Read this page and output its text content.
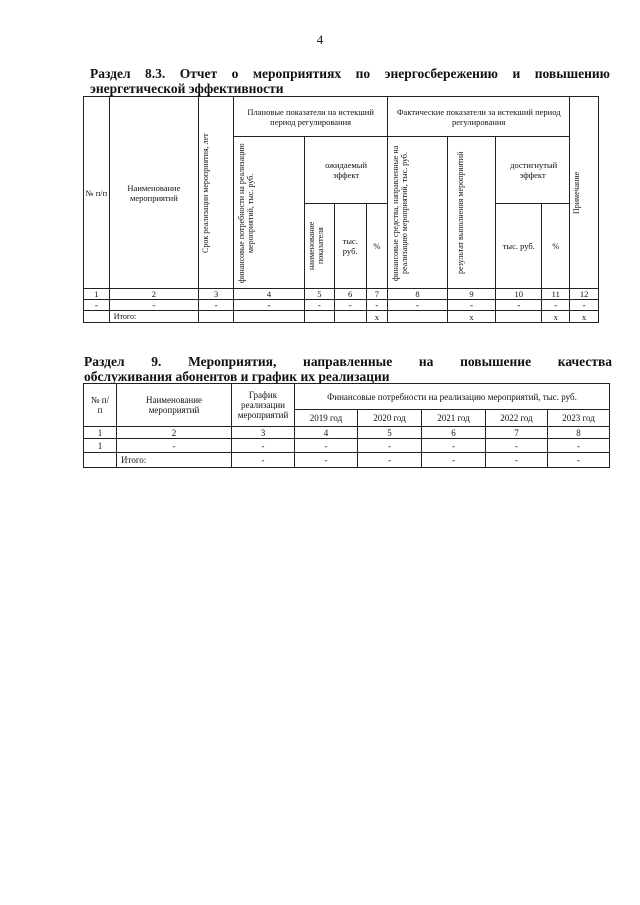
4
Раздел 8.3. Отчет о мероприятиях по энергосбережению и повышению
энергетической эффективности
№ п/п	Наименование мероприятий	Срок реализации мероприятия, лет	Плановые показатели на истекший период регулирования				Фактические показатели за истекший период регулирования				Примечание

			финансовые потребности на реализацию мероприятий, тыс. руб.	ожидаемый эффект			финансовые средства, направленные на реализацию мероприятий, тыс. руб.	результат выполнения мероприятий	достигнутый эффект		

				наименование показателя	тыс. руб.	%			тыс. руб.	%	
1	2	3	4	5	6	7	8	9	10	11	12
-	-	-	-	-	-	-	-	-	-	-	-
	Итого:					x		x		x	x
Раздел 9. Мероприятия, направленные на повышение качества
обслуживания абонентов и график их реализации
№ п/п	Наименование мероприятий	График реализации мероприятий	Финансовые потребности на реализацию мероприятий, тыс. руб.				
			2019 год	2020 год	2021 год	2022 год	2023 год
1	2	3	4	5	6	7	8
1	-	-	-	-	-	-	-
	Итого:	-	-	-	-	-	-
